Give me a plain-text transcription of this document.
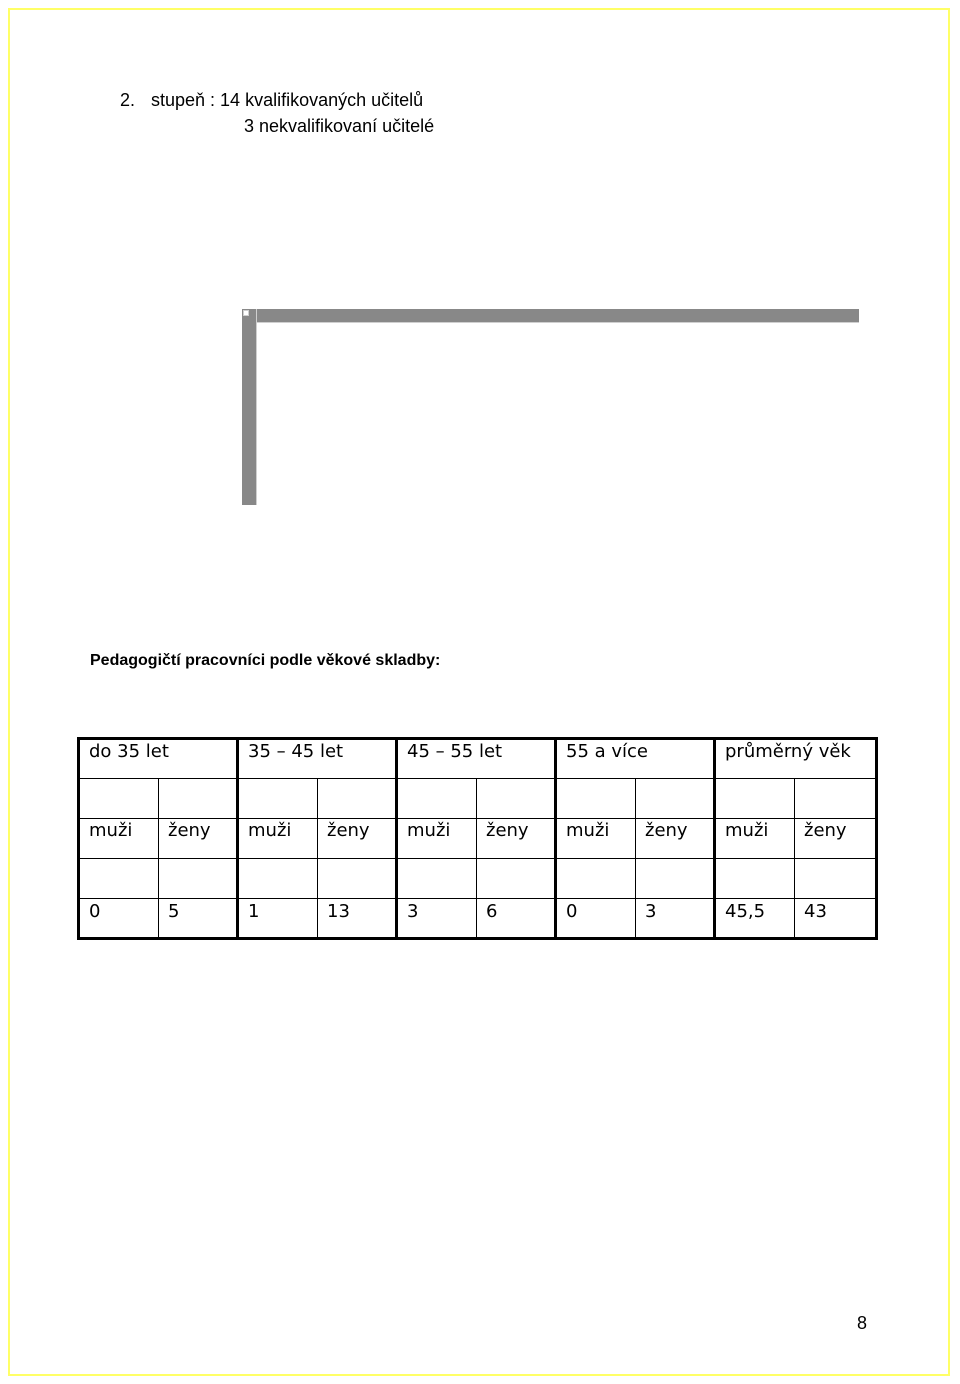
2. stupeň : 14 kvalifikovaných učitelů
3 nekvalifikovaní učitelé
Pedagogičtí pracovníci podle věkové skladby:
do 35 let		35 – 45 let		45 – 55 let		55 a více		průměrný věk	

muži	ženy	muži	ženy	muži	ženy	muži	ženy	muži	ženy

0	5	1	13	3	6	0	3	45,5	43
8
